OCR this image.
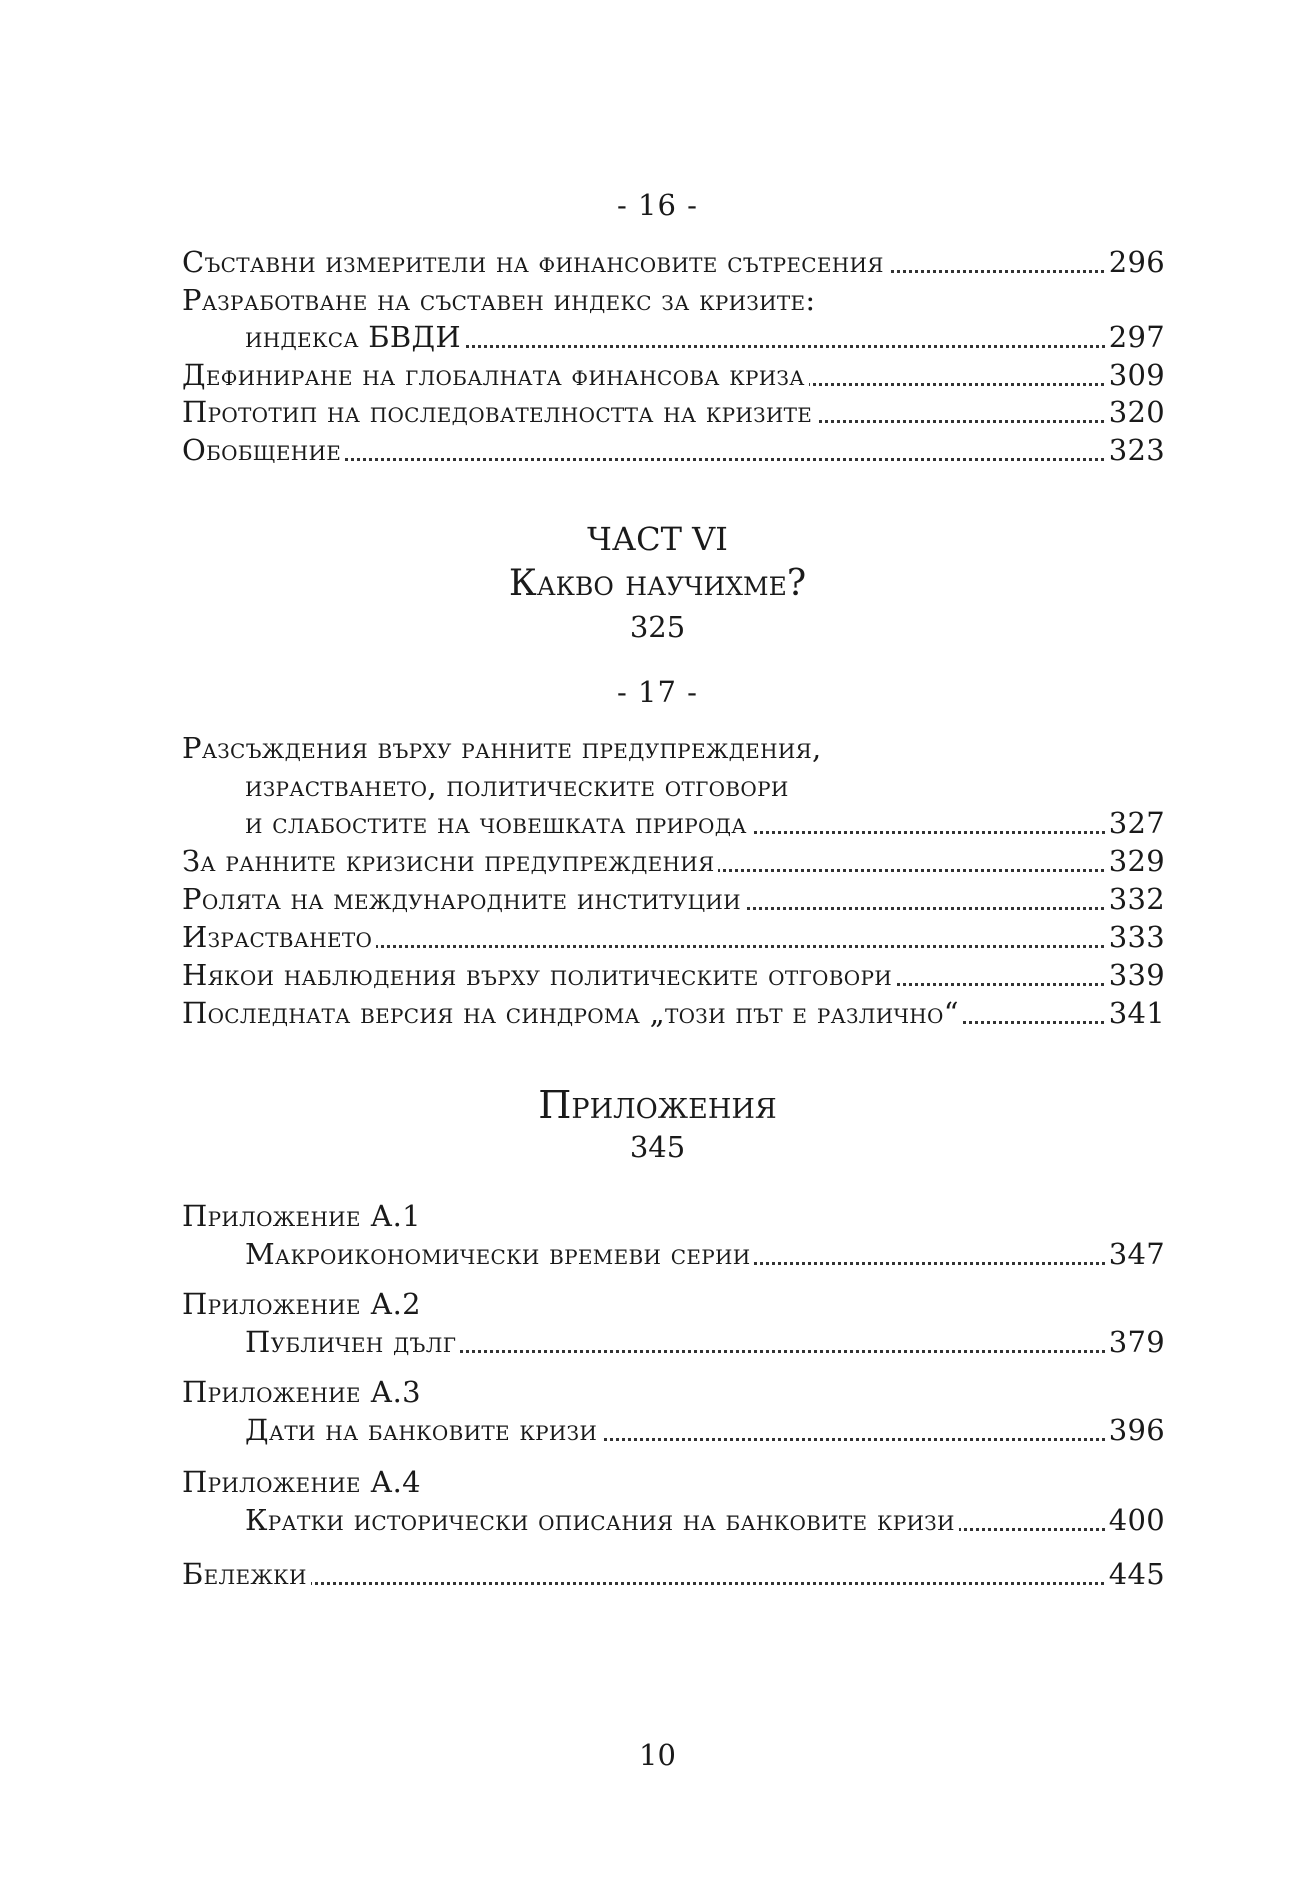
- 16 -
Съставни измерители на финансовите сътресения	296
Разработване на съставен индекс за кризите:
индекса БВДИ	297
Дефиниране на глобалната финансова криза	309
Прототип на последователността на кризите	320
Обобщение	323
ЧАСТ VI
Какво научихме?
325
- 17 -
Разсъждения върху ранните предупреждения,
израстването, политическите отговори
и слабостите на човешката природа	327
За ранните кризисни предупреждения	329
Ролята на международните институции	332
Израстването	333
Някои наблюдения върху политическите отговори	339
Последната версия на синдрома „този път е различно“	341
Приложения
345
Приложение А.1
Макроикономически времеви серии	347
Приложение А.2
Публичен дълг	379
Приложение А.3
Дати на банковите кризи	396
Приложение А.4
Кратки исторически описания на банковите кризи	400
Бележки	445
10
